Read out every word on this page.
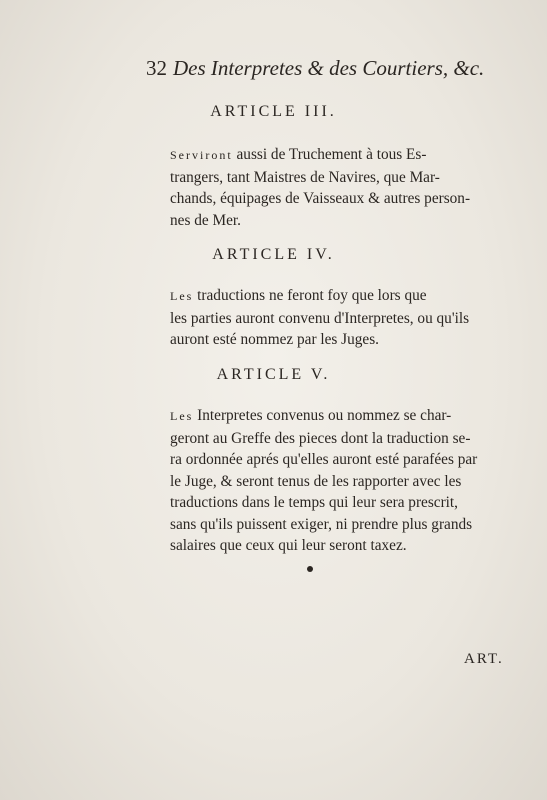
32 Des Interpretes & des Courtiers, &c.
ARTICLE III.
Serviront aussi de Truchement à tous Es-
trangers, tant Maistres de Navires, que Mar-
chands, équipages de Vaisseaux & autres person-
nes de Mer.
ARTICLE IV.
Les traductions ne feront foy que lors que
les parties auront convenu d'Interpretes, ou qu'ils
auront esté nommez par les Juges.
ARTICLE V.
Les Interpretes convenus ou nommez se char-
geront au Greffe des pieces dont la traduction se-
ra ordonnée aprés qu'elles auront esté parafées par
le Juge, & seront tenus de les rapporter avec les
traductions dans le temps qui leur sera prescrit,
sans qu'ils puissent exiger, ni prendre plus grands
salaires que ceux qui leur seront taxez.
ART.
